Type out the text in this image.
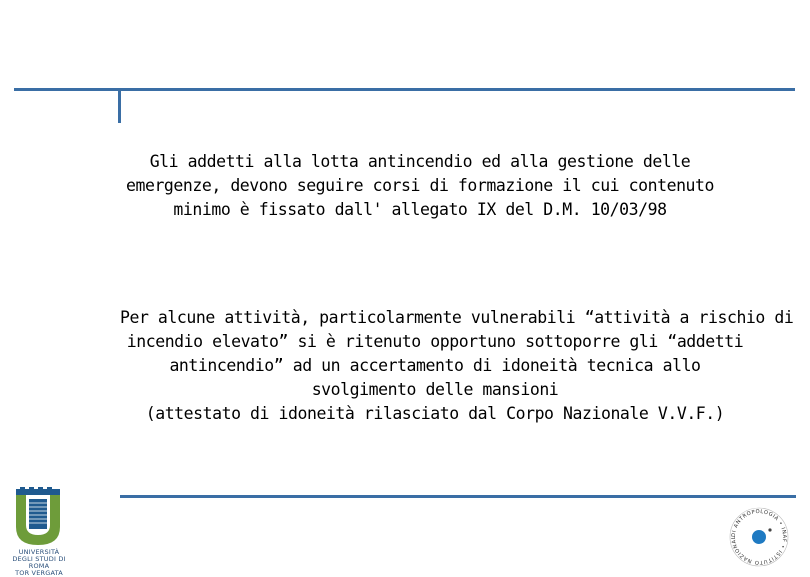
Gli addetti alla lotta antincendio ed alla gestione delle
emergenze, devono seguire corsi di formazione il cui contenuto
minimo è fissato dall' allegato IX del D.M. 10/03/98

Per alcune attività, particolarmente vulnerabili “attività a rischio di
incendio elevato” si è ritenuto opportuno sottoporre gli “addetti
antincendio” ad un accertamento di idoneità tecnica allo
svolgimento delle mansioni
(attestato di idoneità rilasciato dal Corpo Nazionale V.V.F.)

UNIVERSITÀ DEGLI STUDI DI ROMA
TOR VERGATA
DI ANTROPOLOGIA • INAF • ISTITUTO NAZIONAL
